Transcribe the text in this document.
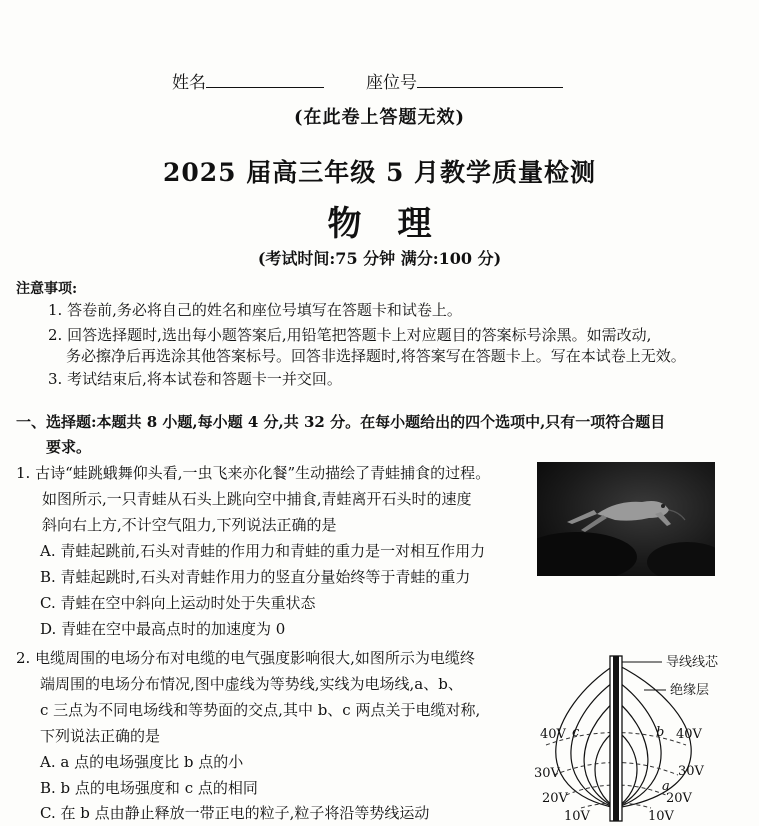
姓名	座位号
(在此卷上答题无效)
2025 届高三年级 5 月教学质量检测
物理
(考试时间:75 分钟 满分:100 分)
注意事项:
1. 答卷前,务必将自己的姓名和座位号填写在答题卡和试卷上。
2. 回答选择题时,选出每小题答案后,用铅笔把答题卡上对应题目的答案标号涂黑。如需改动,
务必擦净后再选涂其他答案标号。回答非选择题时,将答案写在答题卡上。写在本试卷上无效。
3. 考试结束后,将本试卷和答题卡一并交回。
一、选择题:本题共 8 小题,每小题 4 分,共 32 分。在每小题给出的四个选项中,只有一项符合题目
要求。
1. 古诗“蛙跳蛾舞仰头看,一虫飞来亦化餐”生动描绘了青蛙捕食的过程。
如图所示,一只青蛙从石头上跳向空中捕食,青蛙离开石头时的速度
斜向右上方,不计空气阻力,下列说法正确的是
A. 青蛙起跳前,石头对青蛙的作用力和青蛙的重力是一对相互作用力
B. 青蛙起跳时,石头对青蛙作用力的竖直分量始终等于青蛙的重力
C. 青蛙在空中斜向上运动时处于失重状态
D. 青蛙在空中最高点时的加速度为 0
2. 电缆周围的电场分布对电缆的电气强度影响很大,如图所示为电缆终
端周围的电场分布情况,图中虚线为等势线,实线为电场线,a、b、
c 三点为不同电场线和等势面的交点,其中 b、c 两点关于电缆对称,
下列说法正确的是
A. a 点的电场强度比 b 点的小
B. b 点的电场强度和 c 点的相同
C. 在 b 点由静止释放一带正电的粒子,粒子将沿等势线运动
导线线芯
绝缘层
40V	40V
30V	30V
20V	20V
10V	10V
c	b
a
